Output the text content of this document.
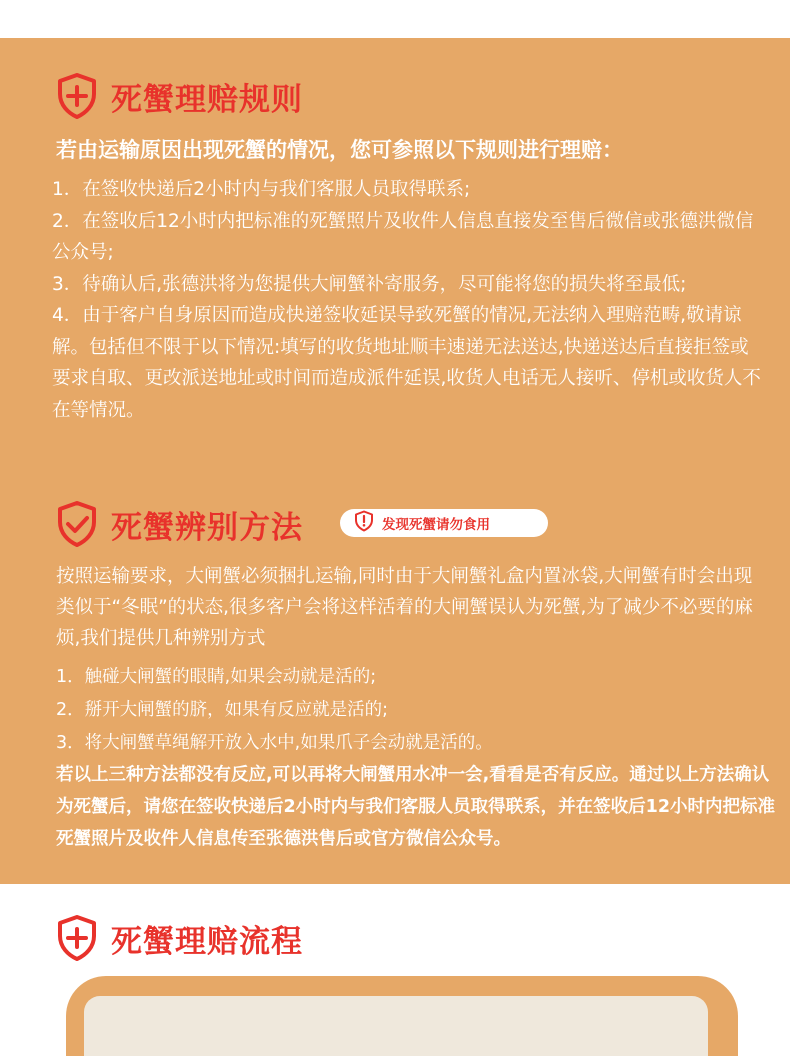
死蟹理赔规则
若由运输原因出现死蟹的情况，您可参照以下规则进行理赔：

1．在签收快递后2小时内与我们客服人员取得联系;

2．在签收后12小时内把标准的死蟹照片及收件人信息直接发至售后微信或张德洪微信公众号;

3．待确认后,张德洪将为您提供大闸蟹补寄服务，尽可能将您的损失将至最低;

4．由于客户自身原因而造成快递签收延误导致死蟹的情况,无法纳入理赔范畴,敬请谅解。包括但不限于以下情况:填写的收货地址顺丰速递无法送达,快递送达后直接拒签或要求自取、更改派送地址或时间而造成派件延误,收货人电话无人接听、停机或收货人不在等情况。

死蟹辨别方法	发现死蟹请勿食用
按照运输要求，大闸蟹必须捆扎运输,同时由于大闸蟹礼盒内置冰袋,大闸蟹有时会出现类似于“冬眠”的状态,很多客户会将这样活着的大闸蟹误认为死蟹,为了减少不必要的麻烦,我们提供几种辨别方式
1．触碰大闸蟹的眼睛,如果会动就是活的;
2．掰开大闸蟹的脐，如果有反应就是活的;
3．将大闸蟹草绳解开放入水中,如果爪子会动就是活的。
若以上三种方法都没有反应,可以再将大闸蟹用水冲一会,看看是否有反应。通过以上方法确认为死蟹后，请您在签收快递后2小时内与我们客服人员取得联系，并在签收后12小时内把标准死蟹照片及收件人信息传至张德洪售后或官方微信公众号。
死蟹理赔流程
